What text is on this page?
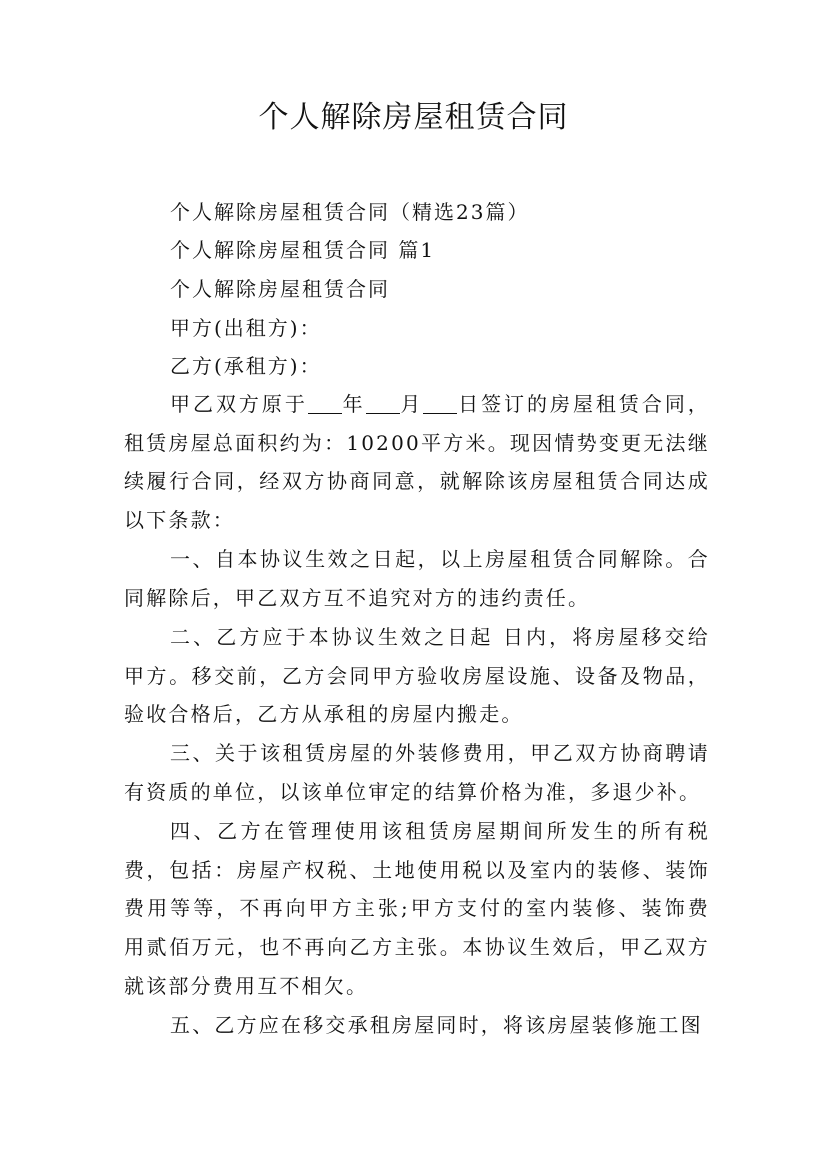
个人解除房屋租赁合同
个人解除房屋租赁合同（精选23篇）
个人解除房屋租赁合同 篇1
个人解除房屋租赁合同
甲方(出租方)：
乙方(承租方)：

甲乙双方原于 年 月 日签订的房屋租赁合同，租赁房屋总面积约为：10200平方米。现因情势变更无法继续履行合同，经双方协商同意，就解除该房屋租赁合同达成以下条款：

一、自本协议生效之日起，以上房屋租赁合同解除。合同解除后，甲乙双方互不追究对方的违约责任。

二、乙方应于本协议生效之日起 日内，将房屋移交给甲方。移交前，乙方会同甲方验收房屋设施、设备及物品，验收合格后，乙方从承租的房屋内搬走。

三、关于该租赁房屋的外装修费用，甲乙双方协商聘请有资质的单位，以该单位审定的结算价格为准，多退少补。

四、乙方在管理使用该租赁房屋期间所发生的所有税费，包括：房屋产权税、土地使用税以及室内的装修、装饰费用等等，不再向甲方主张;甲方支付的室内装修、装饰费用贰佰万元，也不再向乙方主张。本协议生效后，甲乙双方就该部分费用互不相欠。

五、乙方应在移交承租房屋同时，将该房屋装修施工图
